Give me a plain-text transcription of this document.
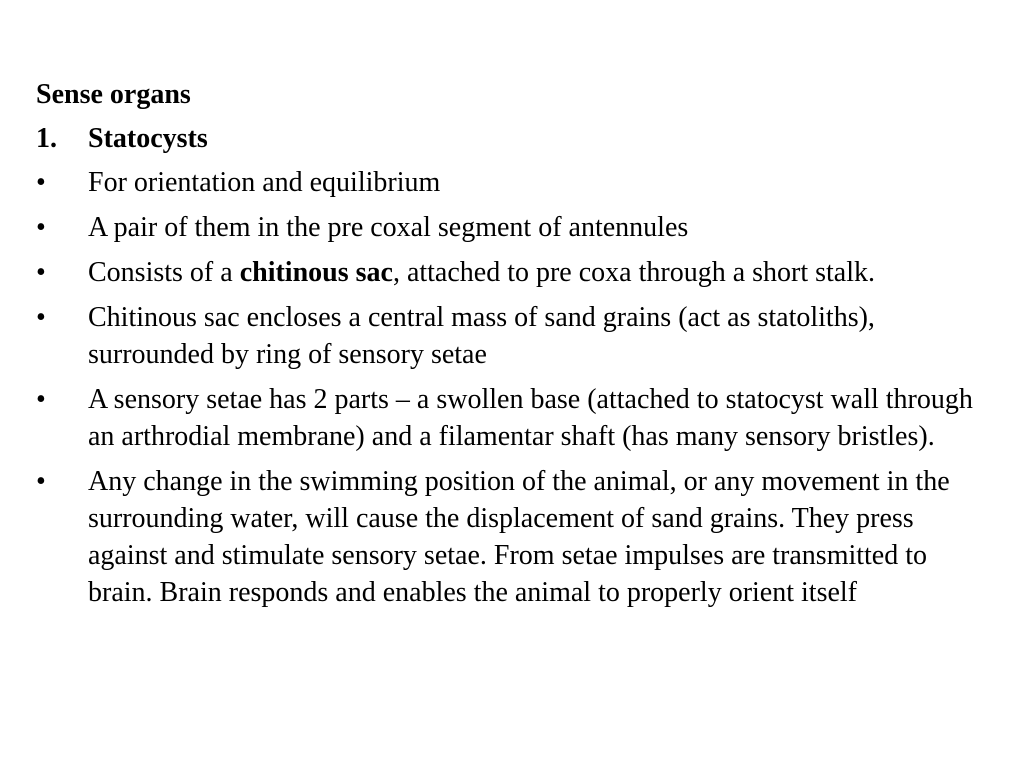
Sense organs
1.	Statocysts
•	For orientation and equilibrium
•	A pair of them in the pre coxal segment of antennules
•	Consists of a chitinous sac, attached to pre coxa through a short stalk.
•	Chitinous sac encloses a central mass of sand grains (act as statoliths), surrounded by ring of sensory setae
•	A sensory setae has 2 parts – a swollen base (attached to statocyst wall through an arthrodial membrane) and a filamentar shaft (has many sensory bristles).
•	Any change in the swimming position of the animal, or any movement in the surrounding water, will cause the displacement of sand grains. They press against and stimulate sensory setae. From setae impulses are transmitted to brain. Brain responds and enables the animal to properly orient itself
